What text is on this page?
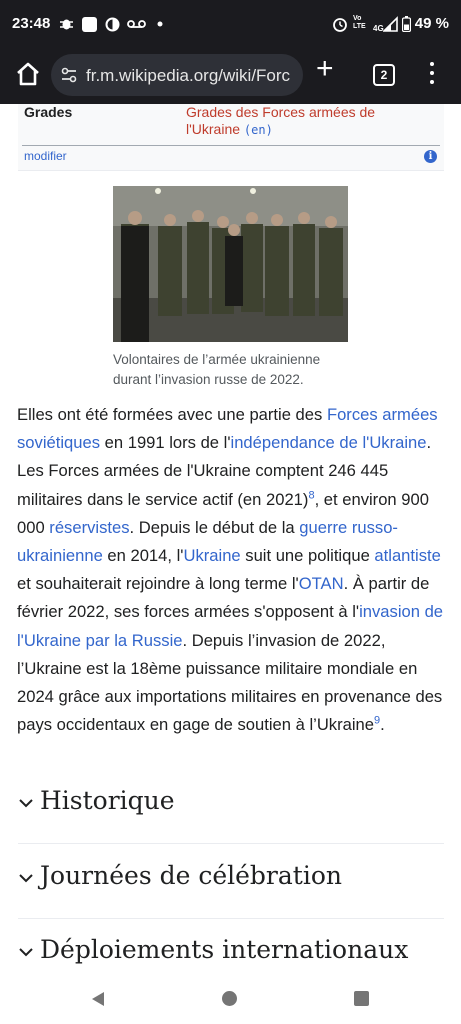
23:48	Vo
LTE 4G 49 %
fr.m.wikipedia.org/wiki/Forc +	2
Grades	Grades des Forces armées de l'Ukraine (en)
modifier	i
Volontaires de l’armée ukrainienne durant l’invasion russe de 2022.

Elles ont été formées avec une partie des Forces armées soviétiques en 1991 lors de l'indépendance de l'Ukraine. Les Forces armées de l'Ukraine comptent 246 445 militaires dans le service actif (en 2021)$^8$, et environ 900 000 réservistes. Depuis le début de la guerre russo-ukrainienne en 2014, l'Ukraine suit une politique atlantiste et souhaiterait rejoindre à long terme l'OTAN. À partir de février 2022, ses forces armées s'opposent à l'invasion de l'Ukraine par la Russie. Depuis l’invasion de 2022, l’Ukraine est la 18ème puissance militaire mondiale en 2024 grâce aux importations militaires en provenance des pays occidentaux en gage de soutien à l’Ukraine$^9$.

Historique
Journées de célébration
Déploiements internationaux
